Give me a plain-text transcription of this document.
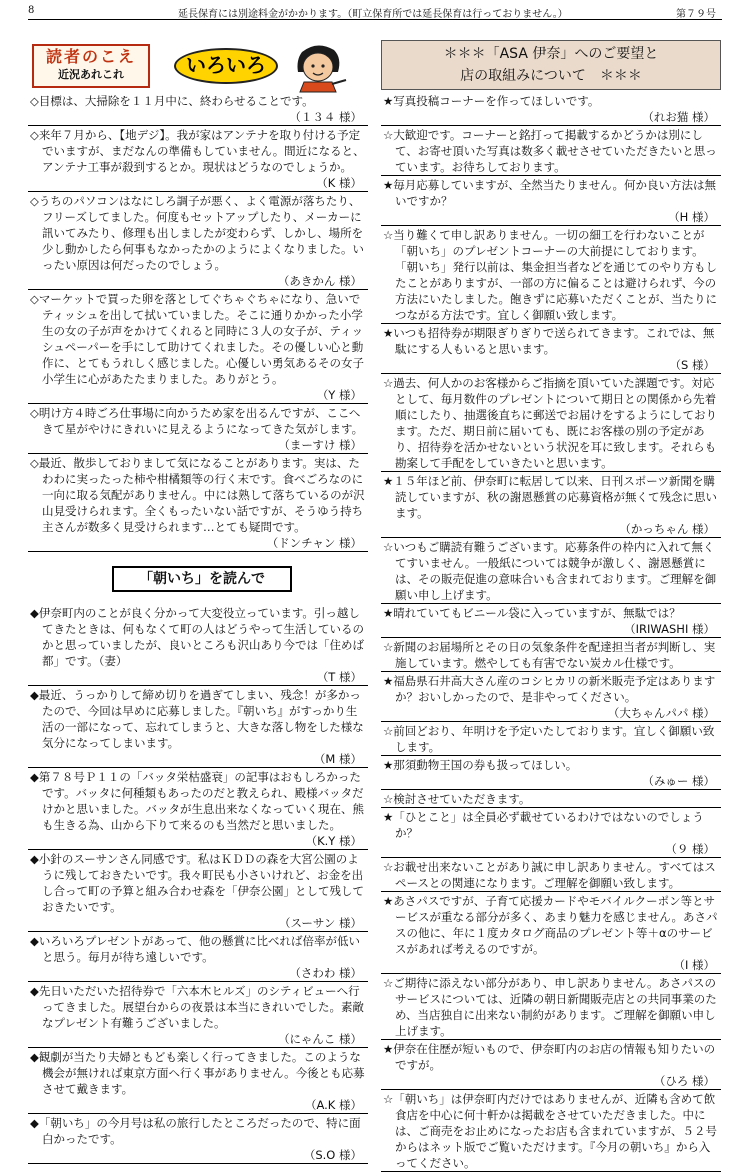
8	延長保育には別途料金がかかります。（町立保育所では延長保育は行っておりません。）	第７９号
読者のこえ
近況あれこれ	いろいろ
◇目標は、大掃除を１１月中に、終わらせることです。
（１３４ 様）
◇来年７月から、【地デジ】。我が家はアンテナを取り付ける予定でいますが、まだなんの準備もしていません。間近になると、アンテナ工事が殺到するとか。現状はどうなのでしょうか。
（K 様）
◇うちのパソコンはなにしろ調子が悪く、よく電源が落ちたり、フリーズしてました。何度もセットアップしたり、メーカーに訊いてみたり、修理も出しましたが変わらず、しかし、場所を少し動かしたら何事もなかったかのようによくなりました。いったい原因は何だったのでしょう。
（あきかん 様）
◇マーケットで買った卵を落としてぐちゃぐちゃになり、急いでティッシュを出して拭いていました。そこに通りかかった小学生の女の子が声をかけてくれると同時に３人の女子が、ティッシュペーパーを手にして助けてくれました。その優しい心と動作に、とてもうれしく感じました。心優しい勇気あるその女子小学生に心があたたまりました。ありがとう。
（Y 様）
◇明け方４時ごろ仕事場に向かうため家を出るんですが、ここへきて星がやけにきれいに見えるようになってきた気がします。
（まーすけ 様）
◇最近、散歩しておりまして気になることがあります。実は、たわわに実ったった柿や柑橘類等の行く末です。食べごろなのに一向に取る気配がありません。中には熟して落ちているのが沢山見受けられます。全くもったいない話ですが、そうゆう持ち主さんが数多く見受けられます…とても疑問です。
（ドンチャン 様）
「朝いち」を読んで
◆伊奈町内のことが良く分かって大変役立っています。引っ越してきたときは、何もなくて町の人はどうやって生活しているのかと思っていましたが、良いところも沢山あり今では「住めば都」です。（妻）
（T 様）
◆最近、うっかりして締め切りを過ぎてしまい、残念！が多かったので、今回は早めに応募しました。『朝いち』がすっかり生活の一部になって、忘れてしまうと、大きな落し物をした様な気分になってしまいます。
（M 様）
◆第７８号Ｐ１１の「バッタ栄枯盛衰」の記事はおもしろかったです。バッタに何種類もあったのだと教えられ、殿様バッタだけかと思いました。バッタが生息出来なくなっていく現在、熊も生きる為、山から下りて来るのも当然だと思いました。
（K.Y 様）
◆小針のスーサンさん同感です。私はＫＤＤの森を大宮公園のように残しておきたいです。我々町民も小さいけれど、お金を出し合って町の予算と組み合わせ森を「伊奈公園」として残しておきたいです。
（スーサン 様）
◆いろいろプレゼントがあって、他の懸賞に比べれば倍率が低いと思う。毎月が待ち遠しいです。
（さわわ 様）
◆先日いただいた招待券で「六本木ヒルズ」のシティビューへ行ってきました。展望台からの夜景は本当にきれいでした。素敵なプレゼント有難うございました。
（にゃんこ 様）
◆観劇が当たり夫婦ともども楽しく行ってきました。このような機会が無ければ東京方面へ行く事がありません。今後とも応募させて戴きます。
（A.K 様）
◆「朝いち」の今月号は私の旅行したところだったので、特に面白かったです。
（S.O 様）
＊＊＊「ASA 伊奈」へのご要望と
店の取組みについて　＊＊＊
★写真投稿コーナーを作ってほしいです。
（れお猫 様）
☆大歓迎です。コーナーと銘打って掲載するかどうかは別にして、お寄せ頂いた写真は数多く載せさせていただきたいと思っています。お待ちしております。
★毎月応募していますが、全然当たりません。何か良い方法は無いですか？
（H 様）
☆当り難くて申し訳ありません。一切の細工を行わないことが「朝いち」のプレゼントコーナーの大前提にしております。「朝いち」発行以前は、集金担当者などを通じてのやり方もしたことがありますが、一部の方に偏ることは避けられず、今の方法にいたしました。飽きずに応募いただくことが、当たりにつながる方法です。宜しく御願い致します。
★いつも招待券が期限ぎりぎりで送られてきます。これでは、無駄にする人もいると思います。
（S 様）
☆過去、何人かのお客様からご指摘を頂いていた課題です。対応として、毎月数件のプレゼントについて期日との関係から先着順にしたり、抽選後直ちに郵送でお届けをするようにしております。ただ、期日前に届いても、既にお客様の別の予定があり、招待券を活かせないという状況を耳に致します。それらも勘案して手配をしていきたいと思います。
★１５年ほど前、伊奈町に転居して以来、日刊スポーツ新聞を購読していますが、秋の謝恩懸賞の応募資格が無くて残念に思います。
（かっちゃん 様）
☆いつもご購読有難うございます。応募条件の枠内に入れて無くてすいません。一般紙については競争が激しく、謝恩懸賞には、その販売促進の意味合いも含まれております。ご理解を御願い申し上げます。
★晴れていてもビニール袋に入っていますが、無駄では？
（IRIWASHI 様）
☆新聞のお届場所とその日の気象条件を配達担当者が判断し、実施しています。燃やしても有害でない炭カル仕様です。
★福島県石井高大さん産のコシヒカリの新米販売予定はありますか？おいしかったので、是非やってください。
（大ちゃんパパ 様）
☆前回どおり、年明けを予定いたしております。宜しく御願い致します。
★那須動物王国の券も扱ってほしい。
（みゅー 様）
☆検討させていただきます。
★「ひとこと」は全員必ず載せているわけではないのでしょうか？
（９ 様）
☆お載せ出来ないことがあり誠に申し訳ありません。すべてはスペースとの関連になります。ご理解を御願い致します。
★あさパスですが、子育て応援カードやモバイルクーポン等とサービスが重なる部分が多く、あまり魅力を感じません。あさパスの他に、年に１度カタログ商品のプレゼント等＋αのサービスがあれば考えるのですが。
（I 様）
☆ご期待に添えない部分があり、申し訳ありません。あさパスのサービスについては、近隣の朝日新聞販売店との共同事業のため、当店独自に出来ない制約があります。ご理解を御願い申し上げます。
★伊奈在住歴が短いもので、伊奈町内のお店の情報も知りたいのですが。
（ひろ 様）
☆「朝いち」は伊奈町内だけではありませんが、近隣も含めて飲食店を中心に何十軒かは掲載をさせていただきました。中には、ご商売をお止めになったお店も含まれていますが、５２号からはネット版でご覧いただけます。『今月の朝いち』から入ってください。
